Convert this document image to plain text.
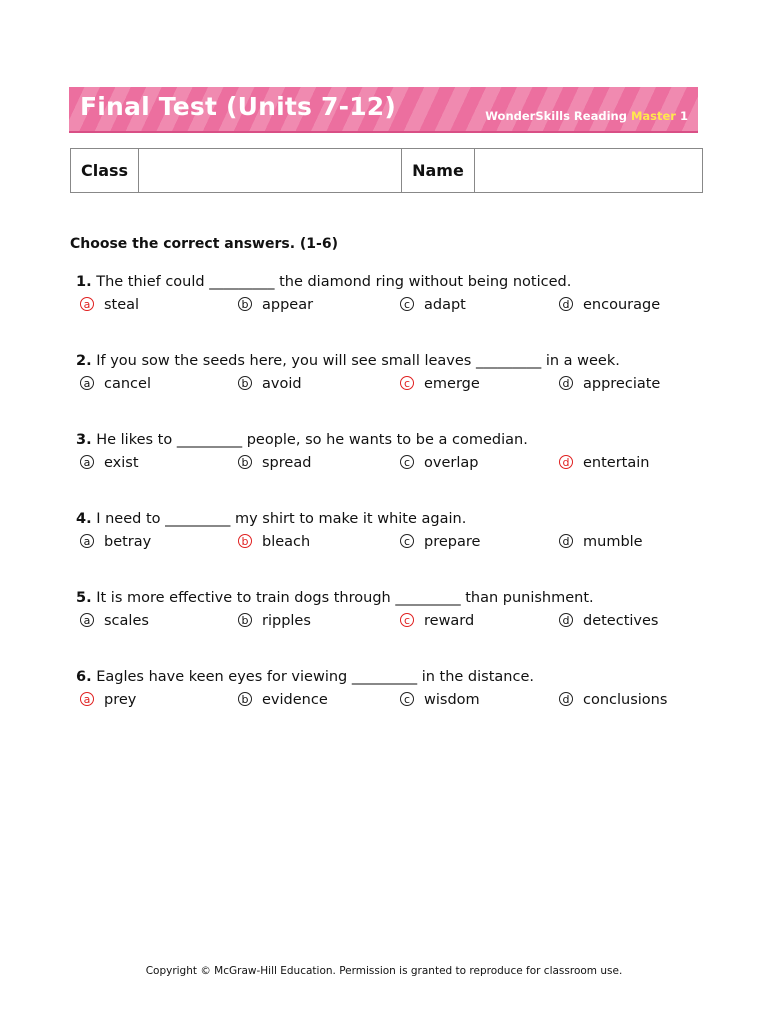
Final Test (Units 7-12)	WonderSkills Reading Master 1
Class		Name	
Choose the correct answers. (1-6)
1. The thief could _________ the diamond ring without being noticed.
a steal	b appear	c adapt	d encourage
2. If you sow the seeds here, you will see small leaves _________ in a week.
a cancel	b avoid	c emerge	d appreciate
3. He likes to _________ people, so he wants to be a comedian.
a exist	b spread	c overlap	d entertain
4. I need to _________ my shirt to make it white again.
a betray	b bleach	c prepare	d mumble
5. It is more effective to train dogs through _________ than punishment.
a scales	b ripples	c reward	d detectives
6. Eagles have keen eyes for viewing _________ in the distance.
a prey	b evidence	c wisdom	d conclusions
Copyright © McGraw-Hill Education. Permission is granted to reproduce for classroom use.
